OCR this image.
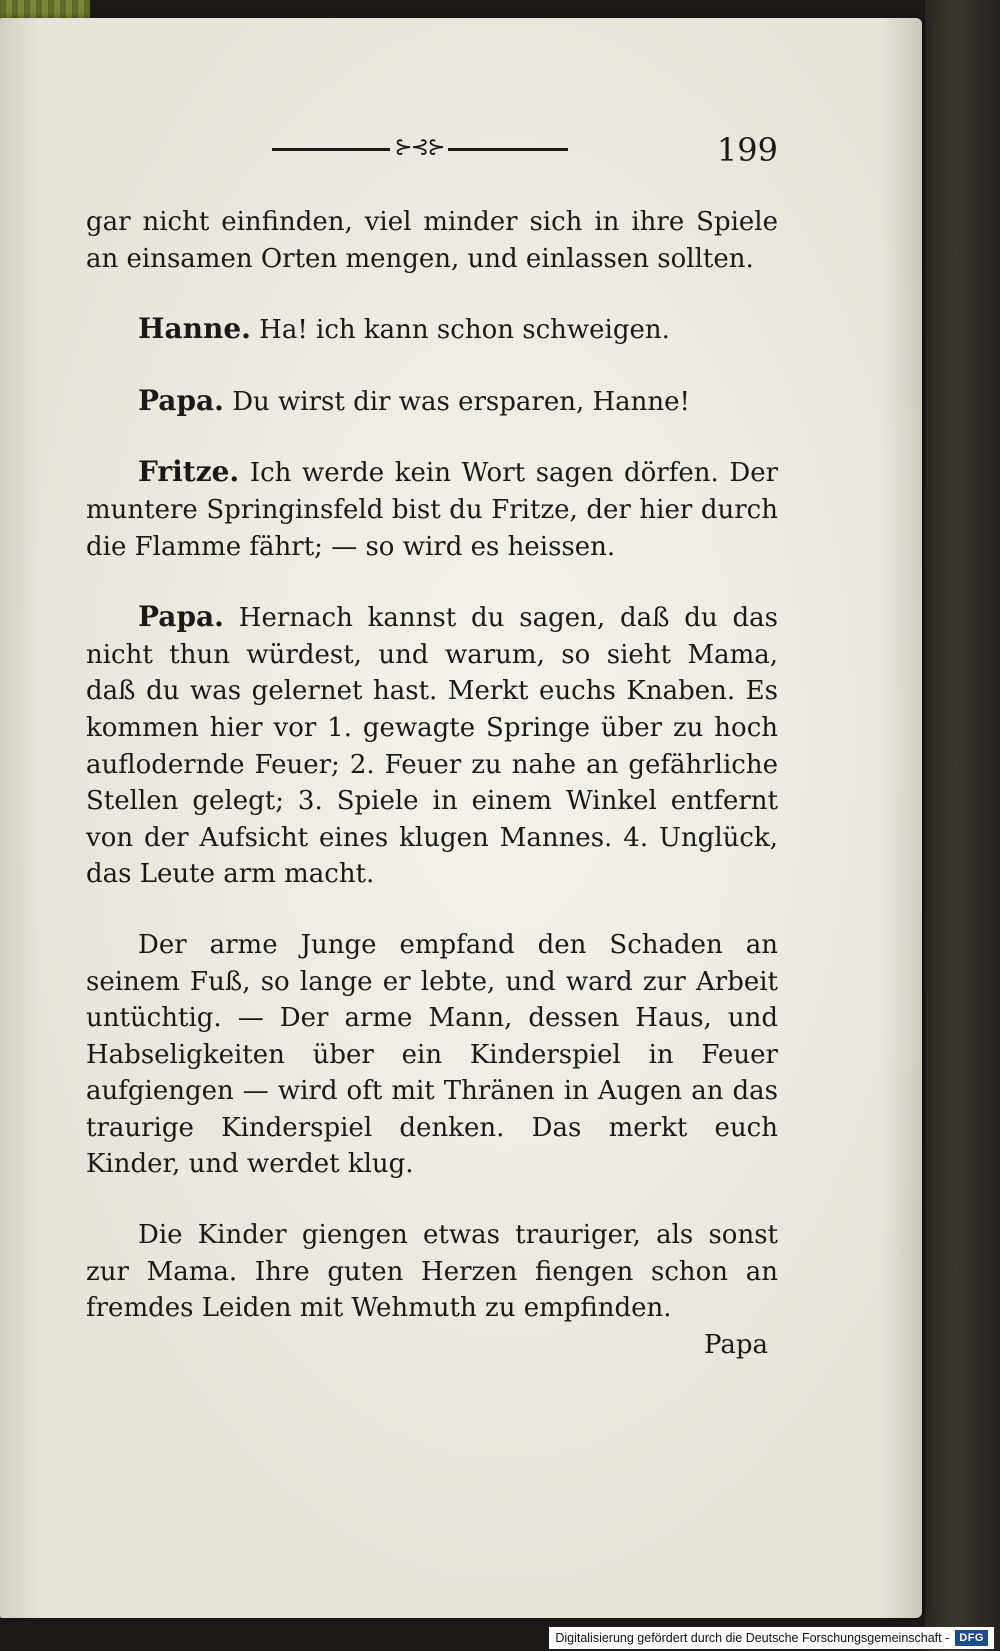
⊱⊰⊱	199

gar nicht einfinden, viel minder sich in ihre Spiele an einsamen Orten mengen, und einlassen sollten.

Hanne. Ha! ich kann schon schweigen.

Papa. Du wirst dir was ersparen, Hanne!

Fritze. Ich werde kein Wort sagen dörfen. Der muntere Springinsfeld bist du Fritze, der hier durch die Flamme fährt; — so wird es heissen.

Papa. Hernach kannst du sagen, daß du das nicht thun würdest, und warum, so sieht Mama, daß du was gelernet hast. Merkt euchs Knaben. Es kommen hier vor 1. gewagte Springe über zu hoch auflodernde Feuer; 2. Feuer zu nahe an gefährliche Stellen gelegt; 3. Spiele in einem Winkel entfernt von der Aufsicht eines klugen Mannes. 4. Unglück, das Leute arm macht.

Der arme Junge empfand den Schaden an seinem Fuß, so lange er lebte, und ward zur Arbeit untüchtig. — Der arme Mann, dessen Haus, und Habseligkeiten über ein Kinderspiel in Feuer aufgiengen — wird oft mit Thränen in Augen an das traurige Kinderspiel denken. Das merkt euch Kinder, und werdet klug.

Die Kinder giengen etwas trauriger, als sonst zur Mama. Ihre guten Herzen fiengen schon an fremdes Leiden mit Wehmuth zu empfinden.

Papa

Digitalisierung gefördert durch die Deutsche Forschungsgemeinschaft - DFG
